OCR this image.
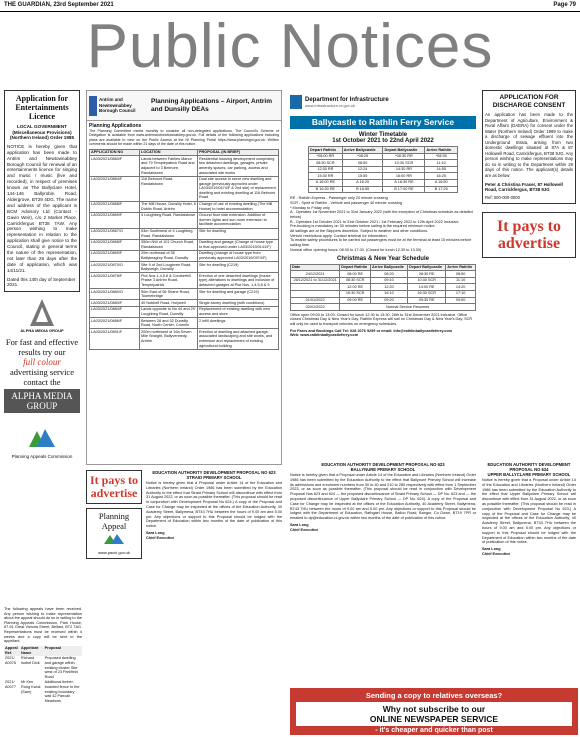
THE GUARDIAN, 23rd September 2021	Page 79
Public Notices
Application for Entertainments Licence
LOCAL GOVERNMENT (Miscellaneous Provisions) (Northern Ireland) Order 1985
NOTICE is hereby given that application has been made to Antrim and Newtownabbey Borough Council for renewal of an entertainments licence for singing and music / music (live and recorded), in respect of premises known as The Ballyclare Hotel, 144-146 Ballyrobin Road, Aldergrove, BT29 4DG. The name and address of the applicant is BCM Advisory Ltd (Contact - Gavin Weir), c/o 2 Market Place, Carrickfergus BT38 7AW. Any person wishing to make representation in relation to the application shall give notice to the Council, stating in general terms the nature of the representation, not later than 28 days after the date of application, which was 14/11/21.
Dated this 14th day of September 2021.
ALPHA MEDIA GROUP
For fast and effective results try our
full colour
advertising service
contact the
ALPHA MEDIA GROUP
Planning Appeals Commission
The following appeals have been received. Any person wishing to make representation about the appeal should do so in writing to the Planning Appeals Commission, Park House, 87-91 Great Victoria Street, Belfast, BT2 7AG. Representations must be received within 4 weeks and a copy will be sent to the appellant.
Appeal Ref.	Appellant Name	Proposal
2021/ A0076	Richard Isobel Dick	Proposed dwelling and garage within existing cluster Site west of 23 Parkfield Road
2021/ A0077	Mr Ken Rung Kwok (Sam)	Additional timber boarded fence to the existing boundary wall 42 Pancall Meadows
Antrim and Newtownabbey Borough Council
Planning Applications – Airport, Antrim and Dunsilly DEAs
Planning Applications
The Planning Committee meets monthly to consider all non-delegated applications. The Council's Scheme of Delegation is available from www.antrimandnewtownabbey.gov.uk. Full details of the following applications including plans are available to view on the Public Access at the NI Planning Portal https://www.planningni.gov.uk. Written comments should be made within 21 days of the date of this notice.
APPLICATION NO	LOCATION	PROPOSAL (IN BRIEF)
LA03/2021/0860/F	Lands between Fairlies Manor and 79 Templepatrick Road and adjacent to 3 Belmore, Randalstown	Residential housing development comprising two detached dwellings, garages, private amenity spaces, car parking, access and associated site works
LA03/2021/0864/F	116 Belmont Road, Randalstown	Dual site access to serve new dwelling and garage (previously approved under LA03/2019/0474/F & 2nd site) of replacement dwelling and existing dwelling at 116 Belmont Road
LA03/2021/0868/F	The Mill House, Dunsilly Hotel, 6 Dublin Road, Antrim	Change of use of existing dwelling (The Mill House) to hotel accommodation
LA03/2021/0869/F	4 Loughbeg Road, Randalstown	Ground floor side extension. Addition of dormer lights and sun room extension to facilitate accommodation
LA03/2021/0867/O	53m Southwest of 4 Loughbeg Road, Randalstown	Site for dwelling
LA03/2021/0868/F	350m NW of 101 Church Road, Randalstown	Dwelling and garage (Change of house type to that approved under LA03/2019/0141/F)
LA03/2021/0869/F	20m northeast of 35 Ballykeaghry Road, Dunsilly	Dwelling (change of house type from previously approved LA03/2019/0974/F)
LA03/2021/0870/O	Site 9 of 2nd Loughvee Road, Ballyveigh, Dunsilly	Site for dwelling (C219)
LA03/2021/0878/F	Plot Nos 1,4,5,8 & Comberhill Phase 3 Antrim Road, Templepatrick	Erection of one detached dwellings (house type) alterations to dwellings and inclusion of detached garages at Plot Nos. 1,4,5,8 & 9
LA03/2021/0880/O	50m East of 56 Shane Road, Toomebridge	Site for dwelling and garage (C219)
LA03/2021/0883/F	40 Nobbell Road, Holywell	Single-storey dwelling (with conditions)
LA03/2021/0884/F	Lands opposite to No 44 and 29 Loughbeg Road, Dunsilly	Replacement of existing dwelling with new access and store
LA03/2021/0886/F	Between 28 and 32 Dunsilly Road, North Center, Crumlin	2 infill dwellings
LA03/2021/0891/F	200m northwest of 16a Seven Mile Straight, Ballyvennedy, Antrim	Erection of dwelling and attached garage, associated landscaping and site works, and extension and replacement of existing agricultural building
It pays to advertise
Planning
Appeal
www.pacni.gov.uk
EDUCATION AUTHORITY DEVELOPMENT PROPOSAL NO 623
STRAID PRIMARY SCHOOL
Notice is hereby given that a Proposal under Article 14 of the Education and Libraries (Northern Ireland) Order 1986 has been submitted by the Education Authority to the effect that Straid Primary School will discontinue with effect from 31 August 2022, or as soon as possible thereafter. (This proposal should be read in conjunction with Development Proposal No 624.) A copy of the Proposal and Case for Change may be inspected at the offices of the Education Authority, 40 Academy Street, Ballymena, BT43 7HU between the hours of 9.00 am and 5.00 pm. Any objections or support to this Proposal should be lodged with the Department of Education within two months of the date of publication of this notice.
Sara Long
Chief Executive
Department for Infrastructure
www.infrastructure-ni.gov.uk
Ballycastle to Rathlin Ferry Service
Winter Timetable
1st October 2021 to 22nd April 2022
Depart Rathlin	Arrive Ballycastle	Depart Ballycastle	Arrive Rathlin
*08:00 RR	*08:25	*08:30 RR	*08:55
08:30 SCR	08:50	10:30 SCR	11:10
12:30 RR	12:24	14:30 RR	14:55
15:30 RR	15:55	16:00 RR	16:25
A 16:00 RE	A 16:20	A 16:30 RE	A 16:50
B 16:30 RE	B 16:55	B 17:00 RE	B 17:25
RE - Rathlin Express - Passenger only 20 minute crossing
SCR - Spirit of Rathlin - Vehicle and passenger 40 minute crossing
* Monday to Friday only
A - Operates 1st November 2021 to 31st January 2022 (with the exception of Christmas schedule as detailed below)
B - Operates 1st October 2021 to 31st October 2021 / 1st February 2022 to 12th April 2022 inclusive.
Pre-booking is mandatory on 30 minutes before sailing is the required minimum notice.
All sailings are at the Skippers discretion. Subject to weather and other conditions.
Vehicle restrictions apply. Contact terminal for information.
To enable safety procedures to be carried out passengers must be at the terminal at least 15 minutes before sailing time.
Normal office opening hours: 08.00 to 17.00. (Closed for lunch 12.30 to 13.30)
Christmas & New Year Schedule
Date	Depart Rathlin	Arrive Ballycastle	Depart Ballycastle	Arrive Rathlin
24/12/2021	08:00 RE	08:20	08:30 RE	08:50
26/12/2021 to 31/12/2021	08:30 SCR	09:10	10:30 SCR	11:10
	12:00 RE	12:20	14:00 RE	14:20
	15:30 SCR	16:10	16:30 SCR	17:10
01/01/2022	09:00 RE	09:20	09:30 RE	09:50
02/01/2022	Normal Service Resumes			
Office open 09:00 to 13:00. Closed for lunch 12:30 to 13:30. 26th to 31st December 2021 inclusive. Office closed Christmas Day & New Year's Day. Rathlin Express will sail on Christmas Day & New Year's Day. SCR will only be used to transport vehicles on emergency schedules.
For Fares and Bookings Call Tel: 028 2076 9299 or email: info@rathlinballycastleferry.com
Web: www.rathlinballycastleferry.com
EDUCATION AUTHORITY DEVELOPMENT PROPOSAL NO 623
BALLYNURE PRIMARY SCHOOL
Notice is hereby given that a Proposal under Article 14 of the Education and Libraries (Northern Ireland) Order 1986 has been submitted by the Education Authority to the effect that Ballynure Primary School will increase its admissions and enrolment numbers from 30 to 40 and 210 to 280 respectively with effect from 1 September 2023, or as soon as possible thereafter. (This proposal should be read in conjunction with Development Proposal Nos 623 and 624 — the proposed discontinuance of Straid Primary School — DP No. 623 and — the proposed discontinuance of Upper Ballyclare Primary School — DP No. 624). A copy of the Proposal and Case for Change may be inspected at the offices of the Education Authority, 40 Academy Street, Ballymena, BT43 7HU between the hours of 9.00 am and 5.00 pm. Any objections or support to this Proposal should be lodged with the Department of Education, Rathgael House, Balloo Road, Bangor, Co Down, BT19 7PR or emailed to dp@education-ni.gov.uk within two months of the date of publication of this notice.
Sara Long
Chief Executive
APPLICATION FOR DISCHARGE CONSENT
An application has been made to the Department of Agriculture, Environment & Rural Affairs (DAERA) for consent under the Water (Northern Ireland) Order 1999 to make a discharge of sewage effluent into the Underground Strata, arising from two domestic dwellings situated at 87A & 87 Hollowell Road, Carrickfergus, BT38 9JG. Any person wishing to make representations may do so in writing to the Department within 28 days of this notice. The applicant(s) details are as below:
Peter & Christina Fraser, 87 Hollowell Road, Carrickfergus, BT38 9JG
Ref: 000-000-0000
It pays to advertise
EDUCATION AUTHORITY DEVELOPMENT PROPOSAL NO 624
UPPER BALLYCLARE PRIMARY SCHOOL
Notice is hereby given that a Proposal under Article 14 of the Education and Libraries (Northern Ireland) Order 1986 has been submitted by the Education Authority to the effect that Upper Ballyclare Primary School will discontinue with effect from 31 August 2022, or as soon as possible thereafter. (This proposal should be read in conjunction with Development Proposal No 623.) A copy of the Proposal and Case for Change may be inspected at the offices of the Education Authority, 40 Academy Street, Ballymena, BT43 7HU between the hours of 9.00 am and 5.00 pm. Any objections or support to this Proposal should be lodged with the Department of Education within two months of the date of publication of this notice.
Sara Long
Chief Executive
Sending a copy to relatives overseas?
Why not subscribe to our
ONLINE NEWSPAPER SERVICE
- it's cheaper and quicker than post
